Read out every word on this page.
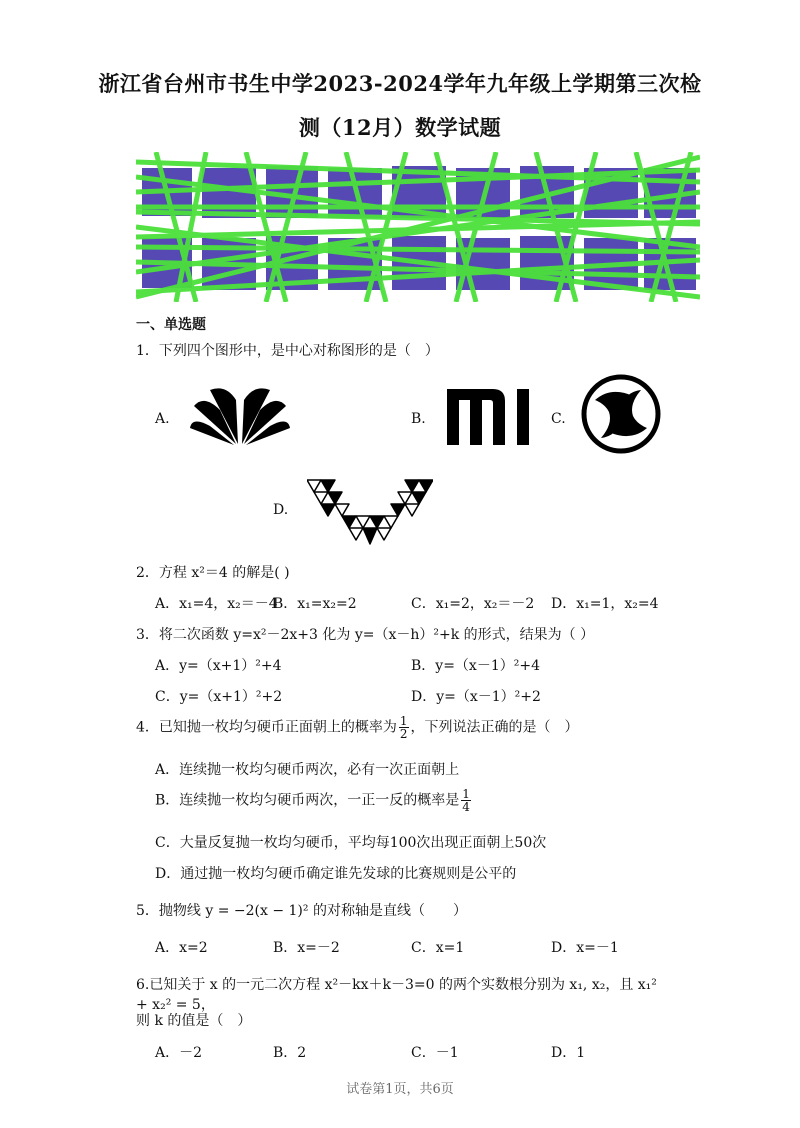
浙江省台州市书生中学2023-2024学年九年级上学期第三次检
测（12月）数学试题
一、单选题
1．下列四个图形中，是中心对称图形的是（　）
A.	B.	C.
D.
2．方程 x²＝4 的解是( )
A．x₁=4，x₂＝－4
B．x₁=x₂=2	C．x₁=2，x₂＝－2 D．x₁=1，x₂=4
3．将二次函数 y=x²－2x+3 化为 y=（x－h）²+k 的形式，结果为（ ）
A．y=（x+1）²+4	B．y=（x－1）²+4
C．y=（x+1）²+2	D．y=（x－1）²+2
4．已知抛一枚均匀硬币正面朝上的概率为 $\frac{1}{2}$ ，下列说法正确的是（　）
A．连续抛一枚均匀硬币两次，必有一次正面朝上
B．连续抛一枚均匀硬币两次，一正一反的概率是 $\frac{1}{4}$
C．大量反复抛一枚均匀硬币，平均每100次出现正面朝上50次
D．通过抛一枚均匀硬币确定谁先发球的比赛规则是公平的
5．抛物线 y = −2(x − 1)² 的对称轴是直线（　　）
A．x=2	B．x=－2	C．x=1	D．x=－1
6.已知关于 x 的一元二次方程 x²－kx＋k－3=0 的两个实数根分别为 x₁, x₂，且 x₁² + x₂² = 5，
则 k 的值是（　）
A．－2	B．2	C．－1	D．1
试卷第1页，共6页
